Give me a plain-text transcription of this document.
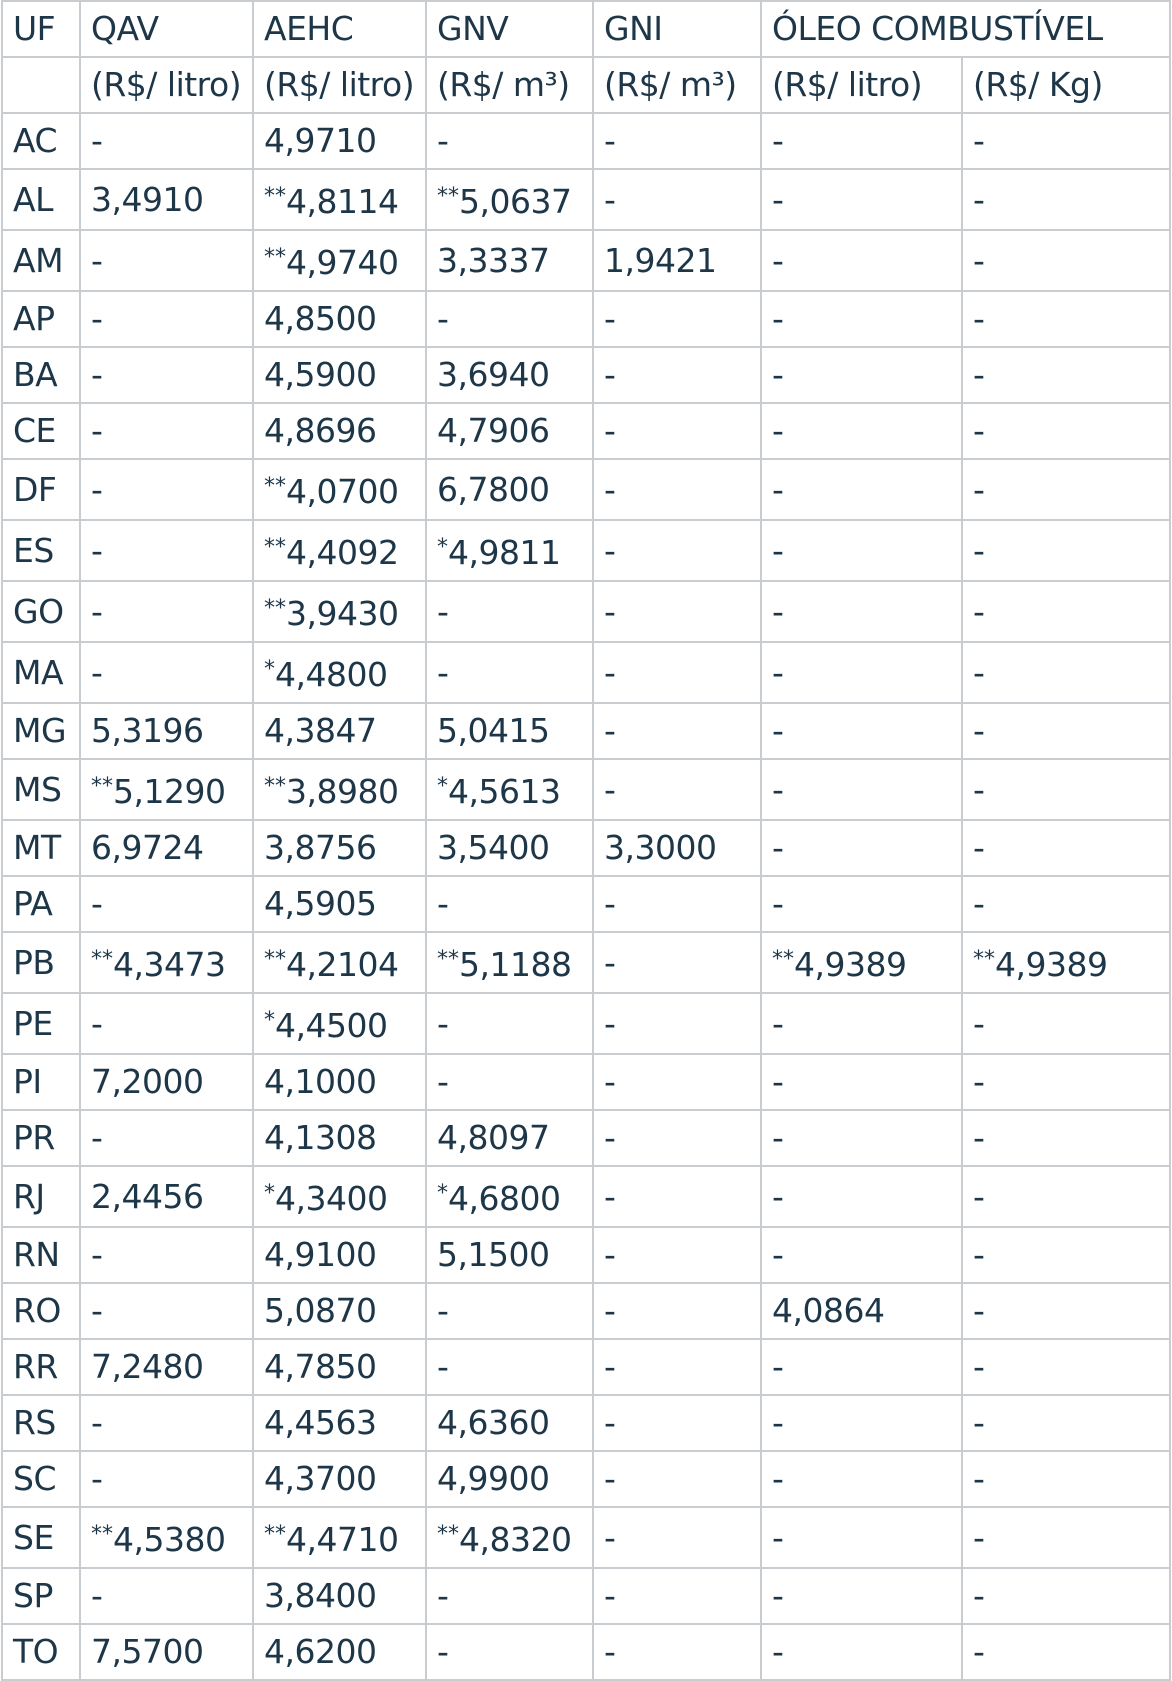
UF	QAV	AEHC	GNV	GNI	ÓLEO COMBUSTÍVEL	
	(R$/ litro)	(R$/ litro)	(R$/ m³)	(R$/ m³)	(R$/ litro)	(R$/ Kg)
AC	-	4,9710	-	-	-	-
AL	3,4910	**4,8114	**5,0637	-	-	-
AM	-	**4,9740	3,3337	1,9421	-	-
AP	-	4,8500	-	-	-	-
BA	-	4,5900	3,6940	-	-	-
CE	-	4,8696	4,7906	-	-	-
DF	-	**4,0700	6,7800	-	-	-
ES	-	**4,4092	*4,9811	-	-	-
GO	-	**3,9430	-	-	-	-
MA	-	*4,4800	-	-	-	-
MG	5,3196	4,3847	5,0415	-	-	-
MS	**5,1290	**3,8980	*4,5613	-	-	-
MT	6,9724	3,8756	3,5400	3,3000	-	-
PA	-	4,5905	-	-	-	-
PB	**4,3473	**4,2104	**5,1188	-	**4,9389	**4,9389
PE	-	*4,4500	-	-	-	-
PI	7,2000	4,1000	-	-	-	-
PR	-	4,1308	4,8097	-	-	-
RJ	2,4456	*4,3400	*4,6800	-	-	-
RN	-	4,9100	5,1500	-	-	-
RO	-	5,0870	-	-	4,0864	-
RR	7,2480	4,7850	-	-	-	-
RS	-	4,4563	4,6360	-	-	-
SC	-	4,3700	4,9900	-	-	-
SE	**4,5380	**4,4710	**4,8320	-	-	-
SP	-	3,8400	-	-	-	-
TO	7,5700	4,6200	-	-	-	-
